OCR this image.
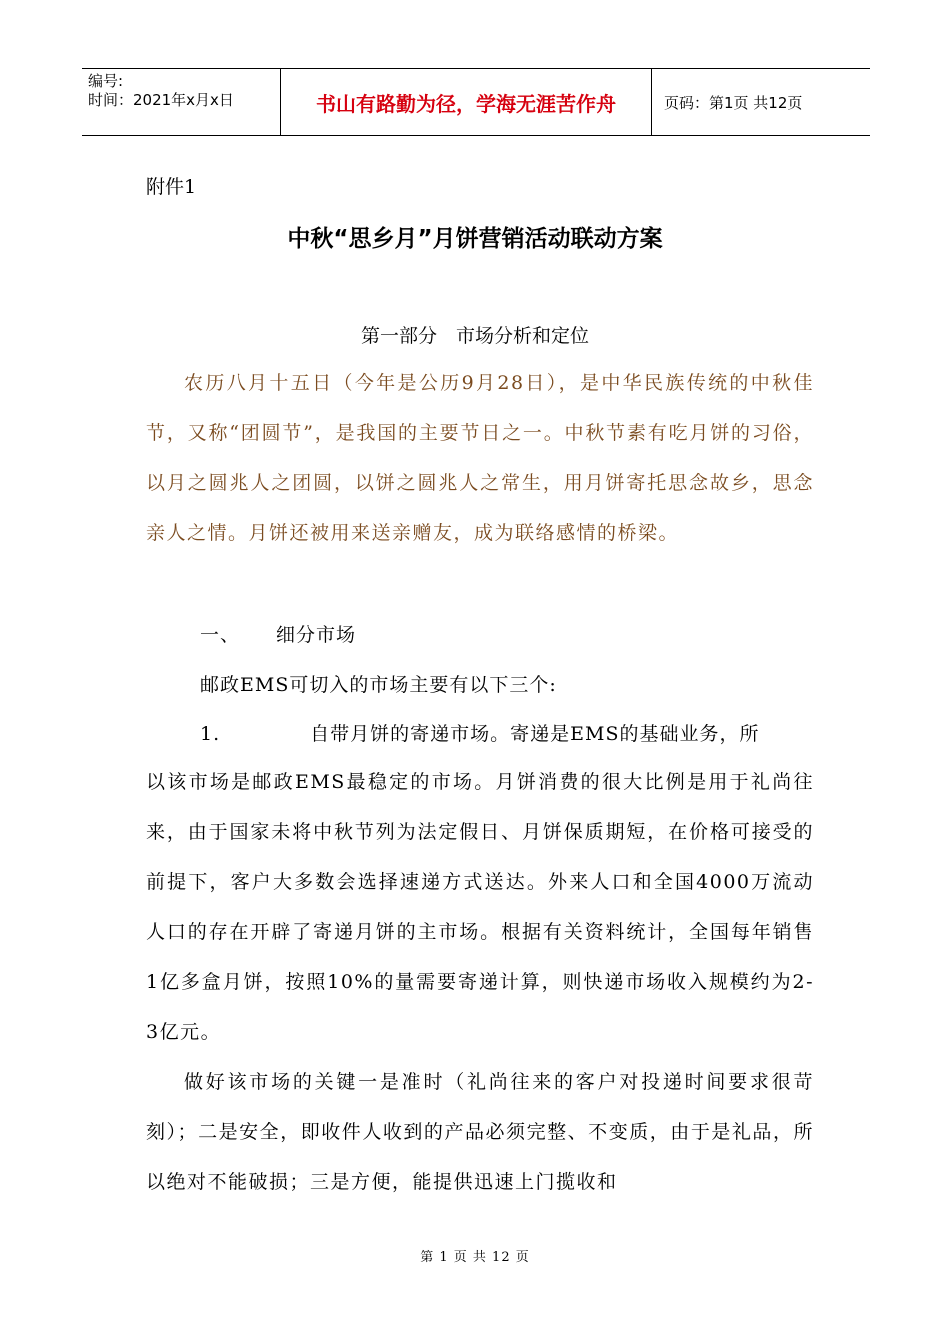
编号:
时间：2021年x月x日	书山有路勤为径，学海无涯苦作舟	页码：第1页 共12页
附件1
中秋“思乡月”月饼营销活动联动方案
第一部分　市场分析和定位

农历八月十五日（今年是公历9月28日），是中华民族传统的中秋佳节，又称“团圆节”，是我国的主要节日之一。中秋节素有吃月饼的习俗，以月之圆兆人之团圆，以饼之圆兆人之常生，用月饼寄托思念故乡，思念亲人之情。月饼还被用来送亲赠友，成为联络感情的桥梁。

一、 细分市场
邮政EMS可切入的市场主要有以下三个:
1.	自带月饼的寄递市场。寄递是EMS的基础业务，所

以该市场是邮政EMS最稳定的市场。月饼消费的很大比例是用于礼尚往来，由于国家未将中秋节列为法定假日、月饼保质期短，在价格可接受的前提下，客户大多数会选择速递方式送达。外来人口和全国4000万流动人口的存在开辟了寄递月饼的主市场。根据有关资料统计，全国每年销售1亿多盒月饼，按照10%的量需要寄递计算，则快递市场收入规模约为2-3亿元。

做好该市场的关键一是准时（礼尚往来的客户对投递时间要求很苛刻）；二是安全，即收件人收到的产品必须完整、不变质，由于是礼品，所以绝对不能破损；三是方便，能提供迅速上门揽收和

第 1 页 共 12 页
